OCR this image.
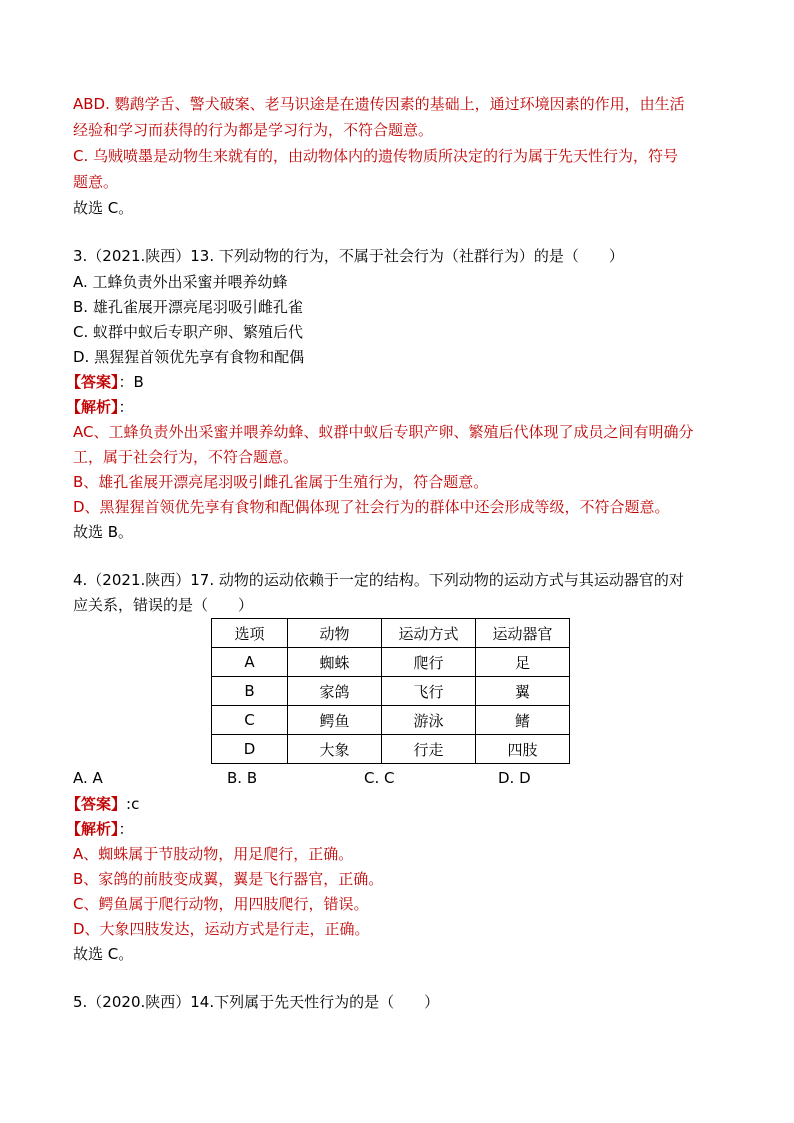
ABD. 鹦鹉学舌、警犬破案、老马识途是在遗传因素的基础上，通过环境因素的作用，由生活
经验和学习而获得的行为都是学习行为，不符合题意。
C. 乌贼喷墨是动物生来就有的，由动物体内的遗传物质所决定的行为属于先天性行为，符号
题意。
故选 C。
3.（2021.陕西）13. 下列动物的行为，不属于社会行为（社群行为）的是（　　）
A. 工蜂负责外出采蜜并喂养幼蜂
B. 雄孔雀展开漂亮尾羽吸引雌孔雀
C. 蚁群中蚁后专职产卵、繁殖后代
D. 黑猩猩首领优先享有食物和配偶
【答案】：B
【解析】：
AC、工蜂负责外出采蜜并喂养幼蜂、蚁群中蚁后专职产卵、繁殖后代体现了成员之间有明确分
工，属于社会行为，不符合题意。
B、雄孔雀展开漂亮尾羽吸引雌孔雀属于生殖行为，符合题意。
D、黑猩猩首领优先享有食物和配偶体现了社会行为的群体中还会形成等级，不符合题意。
故选 B。
4.（2021.陕西）17. 动物的运动依赖于一定的结构。下列动物的运动方式与其运动器官的对
应关系，错误的是（　　）
选项	动物	运动方式	运动器官
A	蜘蛛	爬行	足
B	家鸽	飞行	翼
C	鳄鱼	游泳	鳍
D	大象	行走	四肢
A. A	B. B	C. C	D. D
【答案】:c
【解析】：
A、蜘蛛属于节肢动物，用足爬行，正确。
B、家鸽的前肢变成翼，翼是飞行器官，正确。
C、鳄鱼属于爬行动物，用四肢爬行，错误。
D、大象四肢发达，运动方式是行走，正确。
故选 C。
5.（2020.陕西）14.下列属于先天性行为的是（　　）
